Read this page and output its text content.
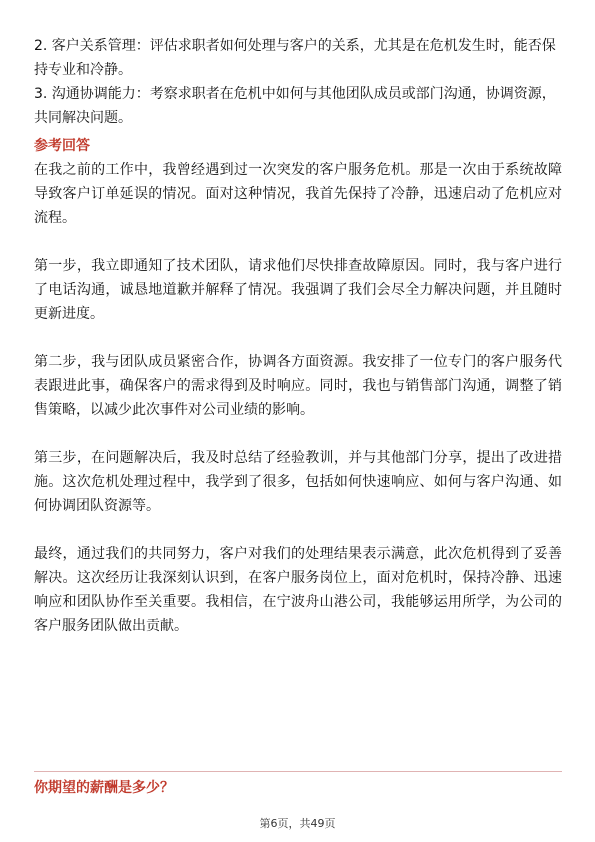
2. 客户关系管理：评估求职者如何处理与客户的关系，尤其是在危机发生时，能否保持专业和冷静。

3. 沟通协调能力：考察求职者在危机中如何与其他团队成员或部门沟通，协调资源，共同解决问题。

参考回答

在我之前的工作中，我曾经遇到过一次突发的客户服务危机。那是一次由于系统故障导致客户订单延误的情况。面对这种情况，我首先保持了冷静，迅速启动了危机应对流程。

第一步，我立即通知了技术团队，请求他们尽快排查故障原因。同时，我与客户进行了电话沟通，诚恳地道歉并解释了情况。我强调了我们会尽全力解决问题，并且随时更新进度。

第二步，我与团队成员紧密合作，协调各方面资源。我安排了一位专门的客户服务代表跟进此事，确保客户的需求得到及时响应。同时，我也与销售部门沟通，调整了销售策略，以减少此次事件对公司业绩的影响。

第三步，在问题解决后，我及时总结了经验教训，并与其他部门分享，提出了改进措施。这次危机处理过程中，我学到了很多，包括如何快速响应、如何与客户沟通、如何协调团队资源等。

最终，通过我们的共同努力，客户对我们的处理结果表示满意，此次危机得到了妥善解决。这次经历让我深刻认识到，在客户服务岗位上，面对危机时，保持冷静、迅速响应和团队协作至关重要。我相信，在宁波舟山港公司，我能够运用所学，为公司的客户服务团队做出贡献。

你期望的薪酬是多少？
第6页，共49页
